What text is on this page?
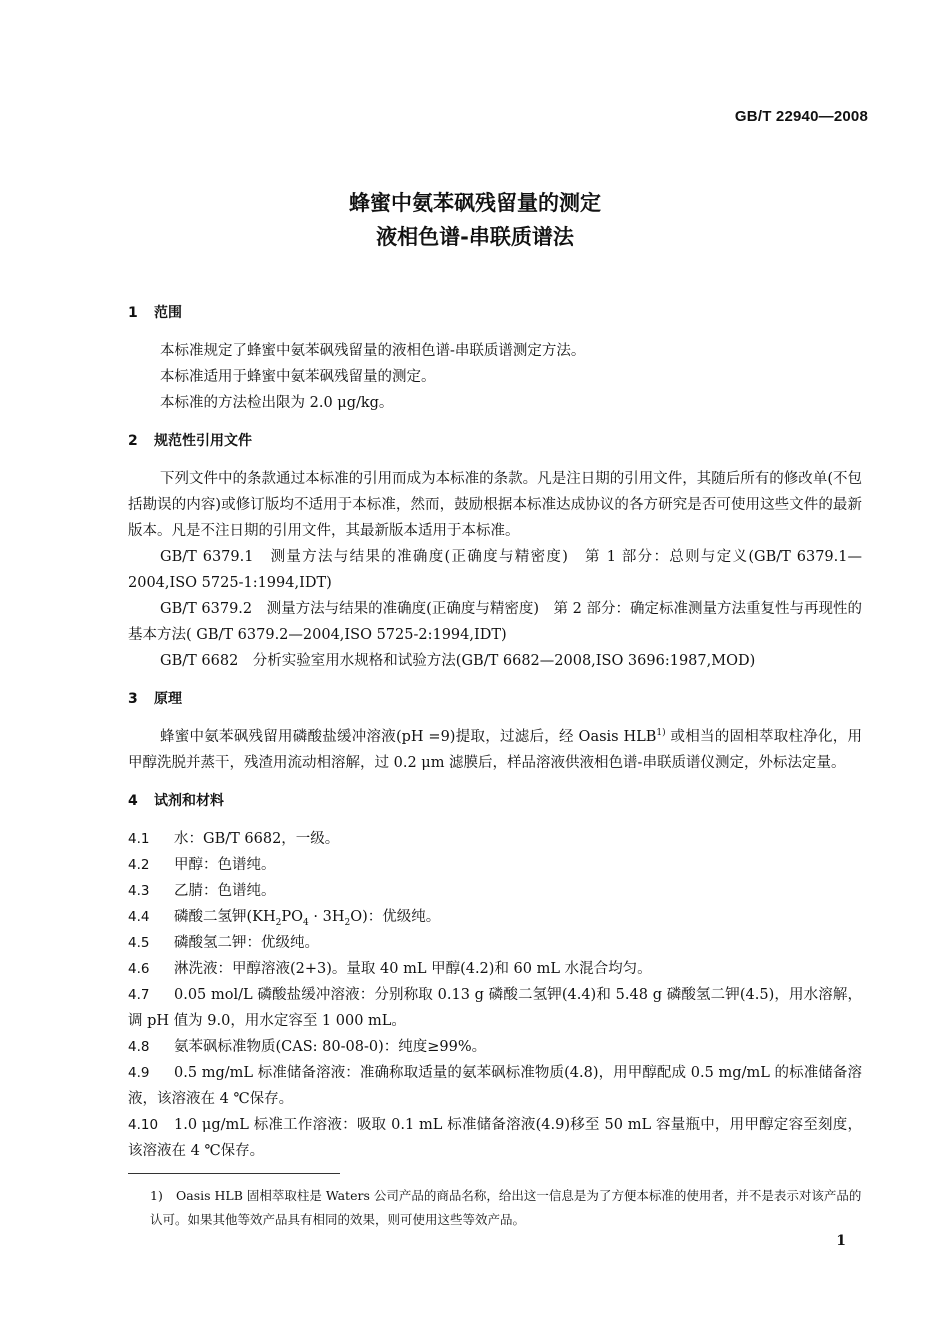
GB/T 22940—2008
蜂蜜中氨苯砜残留量的测定
液相色谱-串联质谱法
1 范围

本标准规定了蜂蜜中氨苯砜残留量的液相色谱-串联质谱测定方法。

本标准适用于蜂蜜中氨苯砜残留量的测定。

本标准的方法检出限为 2.0 μg/kg。

2 规范性引用文件

下列文件中的条款通过本标准的引用而成为本标准的条款。凡是注日期的引用文件，其随后所有的修改单(不包括勘误的内容)或修订版均不适用于本标准，然而，鼓励根据本标准达成协议的各方研究是否可使用这些文件的最新版本。凡是不注日期的引用文件，其最新版本适用于本标准。

GB/T 6379.1　测量方法与结果的准确度(正确度与精密度)　第 1 部分：总则与定义(GB/T 6379.1—2004,ISO 5725-1:1994,IDT)

GB/T 6379.2　测量方法与结果的准确度(正确度与精密度)　第 2 部分：确定标准测量方法重复性与再现性的基本方法( GB/T 6379.2—2004,ISO 5725-2:1994,IDT)

GB/T 6682　分析实验室用水规格和试验方法(GB/T 6682—2008,ISO 3696:1987,MOD)

3 原理

蜂蜜中氨苯砜残留用磷酸盐缓冲溶液(pH =9)提取，过滤后，经 Oasis HLB$^{1)}$ 或相当的固相萃取柱净化，用甲醇洗脱并蒸干，残渣用流动相溶解，过 0.2 μm 滤膜后，样品溶液供液相色谱-串联质谱仪测定，外标法定量。

4 试剂和材料

4.1 水：GB/T 6682，一级。

4.2 甲醇：色谱纯。

4.3 乙腈：色谱纯。

4.4 磷酸二氢钾$(KH_2PO_4 \cdot 3H_2O)$：优级纯。

4.5 磷酸氢二钾：优级纯。

4.6 淋洗液：甲醇溶液(2+3)。量取 40 mL 甲醇(4.2)和 60 mL 水混合均匀。

4.7 0.05 mol/L 磷酸盐缓冲溶液：分别称取 0.13 g 磷酸二氢钾(4.4)和 5.48 g 磷酸氢二钾(4.5)，用水溶解，调 pH 值为 9.0，用水定容至 1 000 mL。

4.8 氨苯砜标准物质(CAS: 80-08-0)：纯度≥99%。

4.9 0.5 mg/mL 标准储备溶液：准确称取适量的氨苯砜标准物质(4.8)，用甲醇配成 0.5 mg/mL 的标准储备溶液，该溶液在 4 ℃保存。

4.10 1.0 μg/mL 标准工作溶液：吸取 0.1 mL 标准储备溶液(4.9)移至 50 mL 容量瓶中，用甲醇定容至刻度，该溶液在 4 ℃保存。

1) Oasis HLB 固相萃取柱是 Waters 公司产品的商品名称，给出这一信息是为了方便本标准的使用者，并不是表示对该产品的认可。如果其他等效产品具有相同的效果，则可使用这些等效产品。
1
